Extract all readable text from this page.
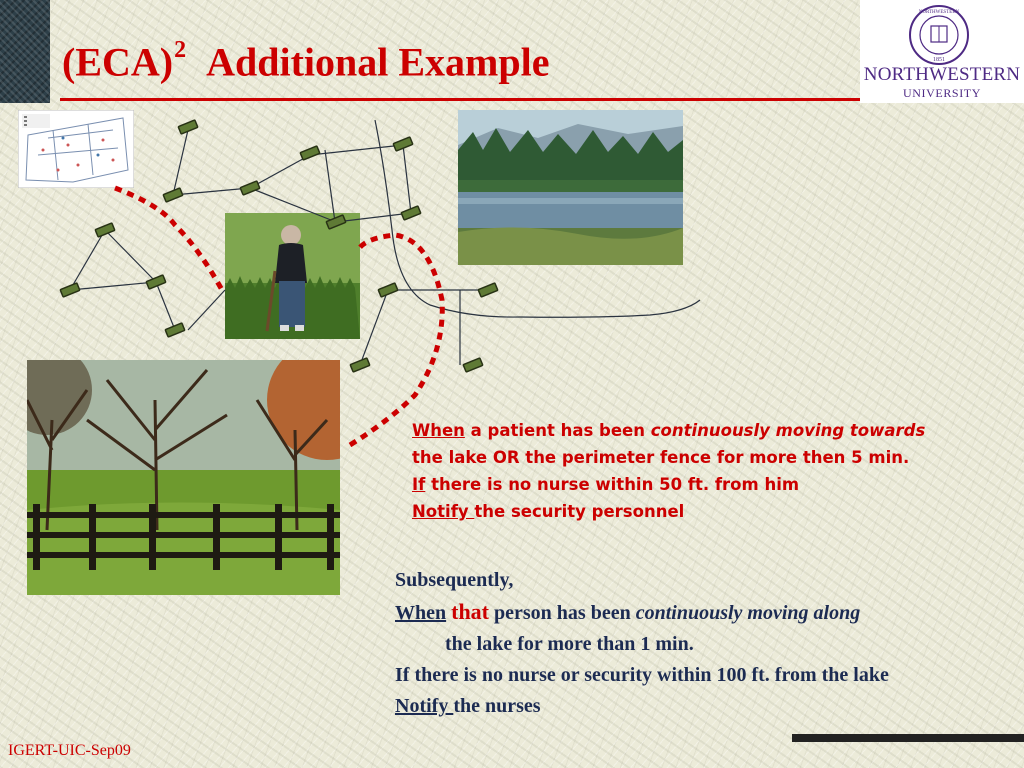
(ECA)$^2$ Additional Example
NORTHWESTERN
1851
NORTHWESTERN
UNIVERSITY
When a patient has been continuously moving towards
the lake OR the perimeter fence for more then 5 min.
If there is no nurse within 50 ft. from him
Notify the security personnel
Subsequently,
When that person has been continuously moving along
the lake for more than 1 min.
If there is no nurse or security within 100 ft. from the lake
Notify the nurses
IGERT-UIC-Sep09
